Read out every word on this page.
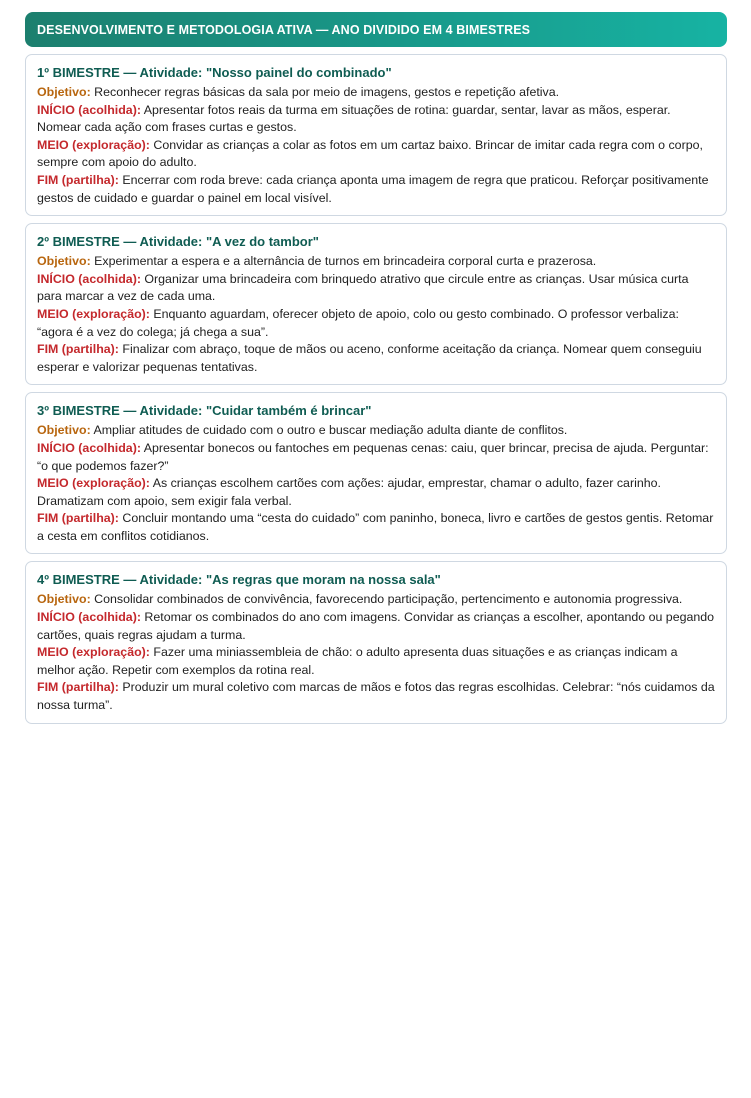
DESENVOLVIMENTO E METODOLOGIA ATIVA — ANO DIVIDIDO EM 4 BIMESTRES

1º BIMESTRE — Atividade: "Nosso painel do combinado"

Objetivo: Reconhecer regras básicas da sala por meio de imagens, gestos e repetição afetiva.

INÍCIO (acolhida): Apresentar fotos reais da turma em situações de rotina: guardar, sentar, lavar as mãos, esperar. Nomear cada ação com frases curtas e gestos.

MEIO (exploração): Convidar as crianças a colar as fotos em um cartaz baixo. Brincar de imitar cada regra com o corpo, sempre com apoio do adulto.

FIM (partilha): Encerrar com roda breve: cada criança aponta uma imagem de regra que praticou. Reforçar positivamente gestos de cuidado e guardar o painel em local visível.

2º BIMESTRE — Atividade: "A vez do tambor"

Objetivo: Experimentar a espera e a alternância de turnos em brincadeira corporal curta e prazerosa.

INÍCIO (acolhida): Organizar uma brincadeira com brinquedo atrativo que circule entre as crianças. Usar música curta para marcar a vez de cada uma.

MEIO (exploração): Enquanto aguardam, oferecer objeto de apoio, colo ou gesto combinado. O professor verbaliza: “agora é a vez do colega; já chega a sua”.

FIM (partilha): Finalizar com abraço, toque de mãos ou aceno, conforme aceitação da criança. Nomear quem conseguiu esperar e valorizar pequenas tentativas.

3º BIMESTRE — Atividade: "Cuidar também é brincar"

Objetivo: Ampliar atitudes de cuidado com o outro e buscar mediação adulta diante de conflitos.

INÍCIO (acolhida): Apresentar bonecos ou fantoches em pequenas cenas: caiu, quer brincar, precisa de ajuda. Perguntar: “o que podemos fazer?”

MEIO (exploração): As crianças escolhem cartões com ações: ajudar, emprestar, chamar o adulto, fazer carinho. Dramatizam com apoio, sem exigir fala verbal.

FIM (partilha): Concluir montando uma “cesta do cuidado” com paninho, boneca, livro e cartões de gestos gentis. Retomar a cesta em conflitos cotidianos.

4º BIMESTRE — Atividade: "As regras que moram na nossa sala"

Objetivo: Consolidar combinados de convivência, favorecendo participação, pertencimento e autonomia progressiva.

INÍCIO (acolhida): Retomar os combinados do ano com imagens. Convidar as crianças a escolher, apontando ou pegando cartões, quais regras ajudam a turma.

MEIO (exploração): Fazer uma miniassembleia de chão: o adulto apresenta duas situações e as crianças indicam a melhor ação. Repetir com exemplos da rotina real.

FIM (partilha): Produzir um mural coletivo com marcas de mãos e fotos das regras escolhidas. Celebrar: “nós cuidamos da nossa turma”.
